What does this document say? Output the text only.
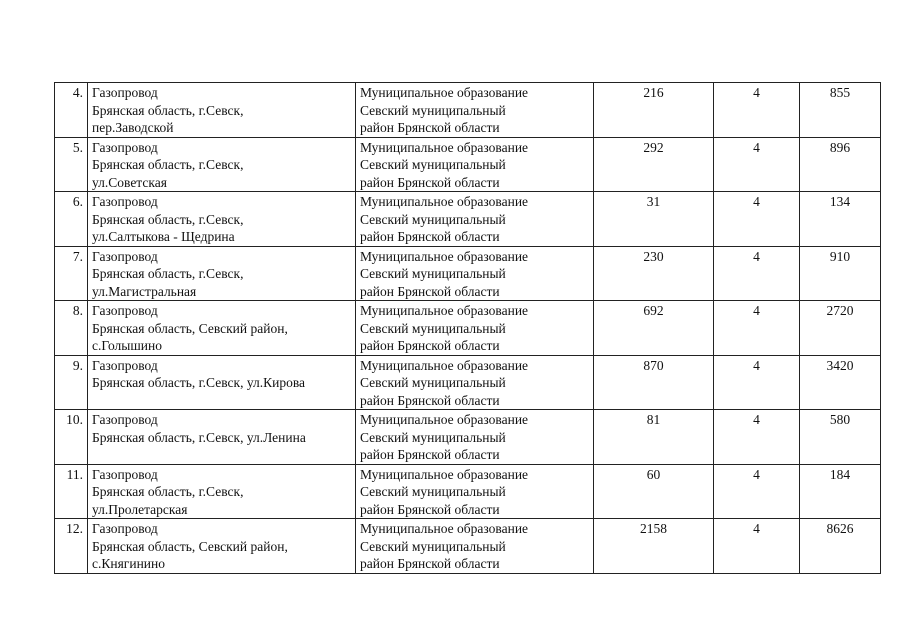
4.	Газопровод
Брянская область, г.Севск,
пер.Заводской	Муниципальное образование
Севский муниципальный
район Брянской области	216	4	855
5.	Газопровод
Брянская область, г.Севск,
ул.Советская	Муниципальное образование
Севский муниципальный
район Брянской области	292	4	896
6.	Газопровод
Брянская область, г.Севск,
ул.Салтыкова - Щедрина	Муниципальное образование
Севский муниципальный
район Брянской области	31	4	134
7.	Газопровод
Брянская область, г.Севск,
ул.Магистральная	Муниципальное образование
Севский муниципальный
район Брянской области	230	4	910
8.	Газопровод
Брянская область, Севский район,
с.Голышино	Муниципальное образование
Севский муниципальный
район Брянской области	692	4	2720
9.	Газопровод
Брянская область, г.Севск, ул.Кирова	Муниципальное образование
Севский муниципальный
район Брянской области	870	4	3420
10.	Газопровод
Брянская область, г.Севск, ул.Ленина	Муниципальное образование
Севский муниципальный
район Брянской области	81	4	580
11.	Газопровод
Брянская область, г.Севск,
ул.Пролетарская	Муниципальное образование
Севский муниципальный
район Брянской области	60	4	184
12.	Газопровод
Брянская область, Севский район,
с.Княгинино	Муниципальное образование
Севский муниципальный
район Брянской области	2158	4	8626
